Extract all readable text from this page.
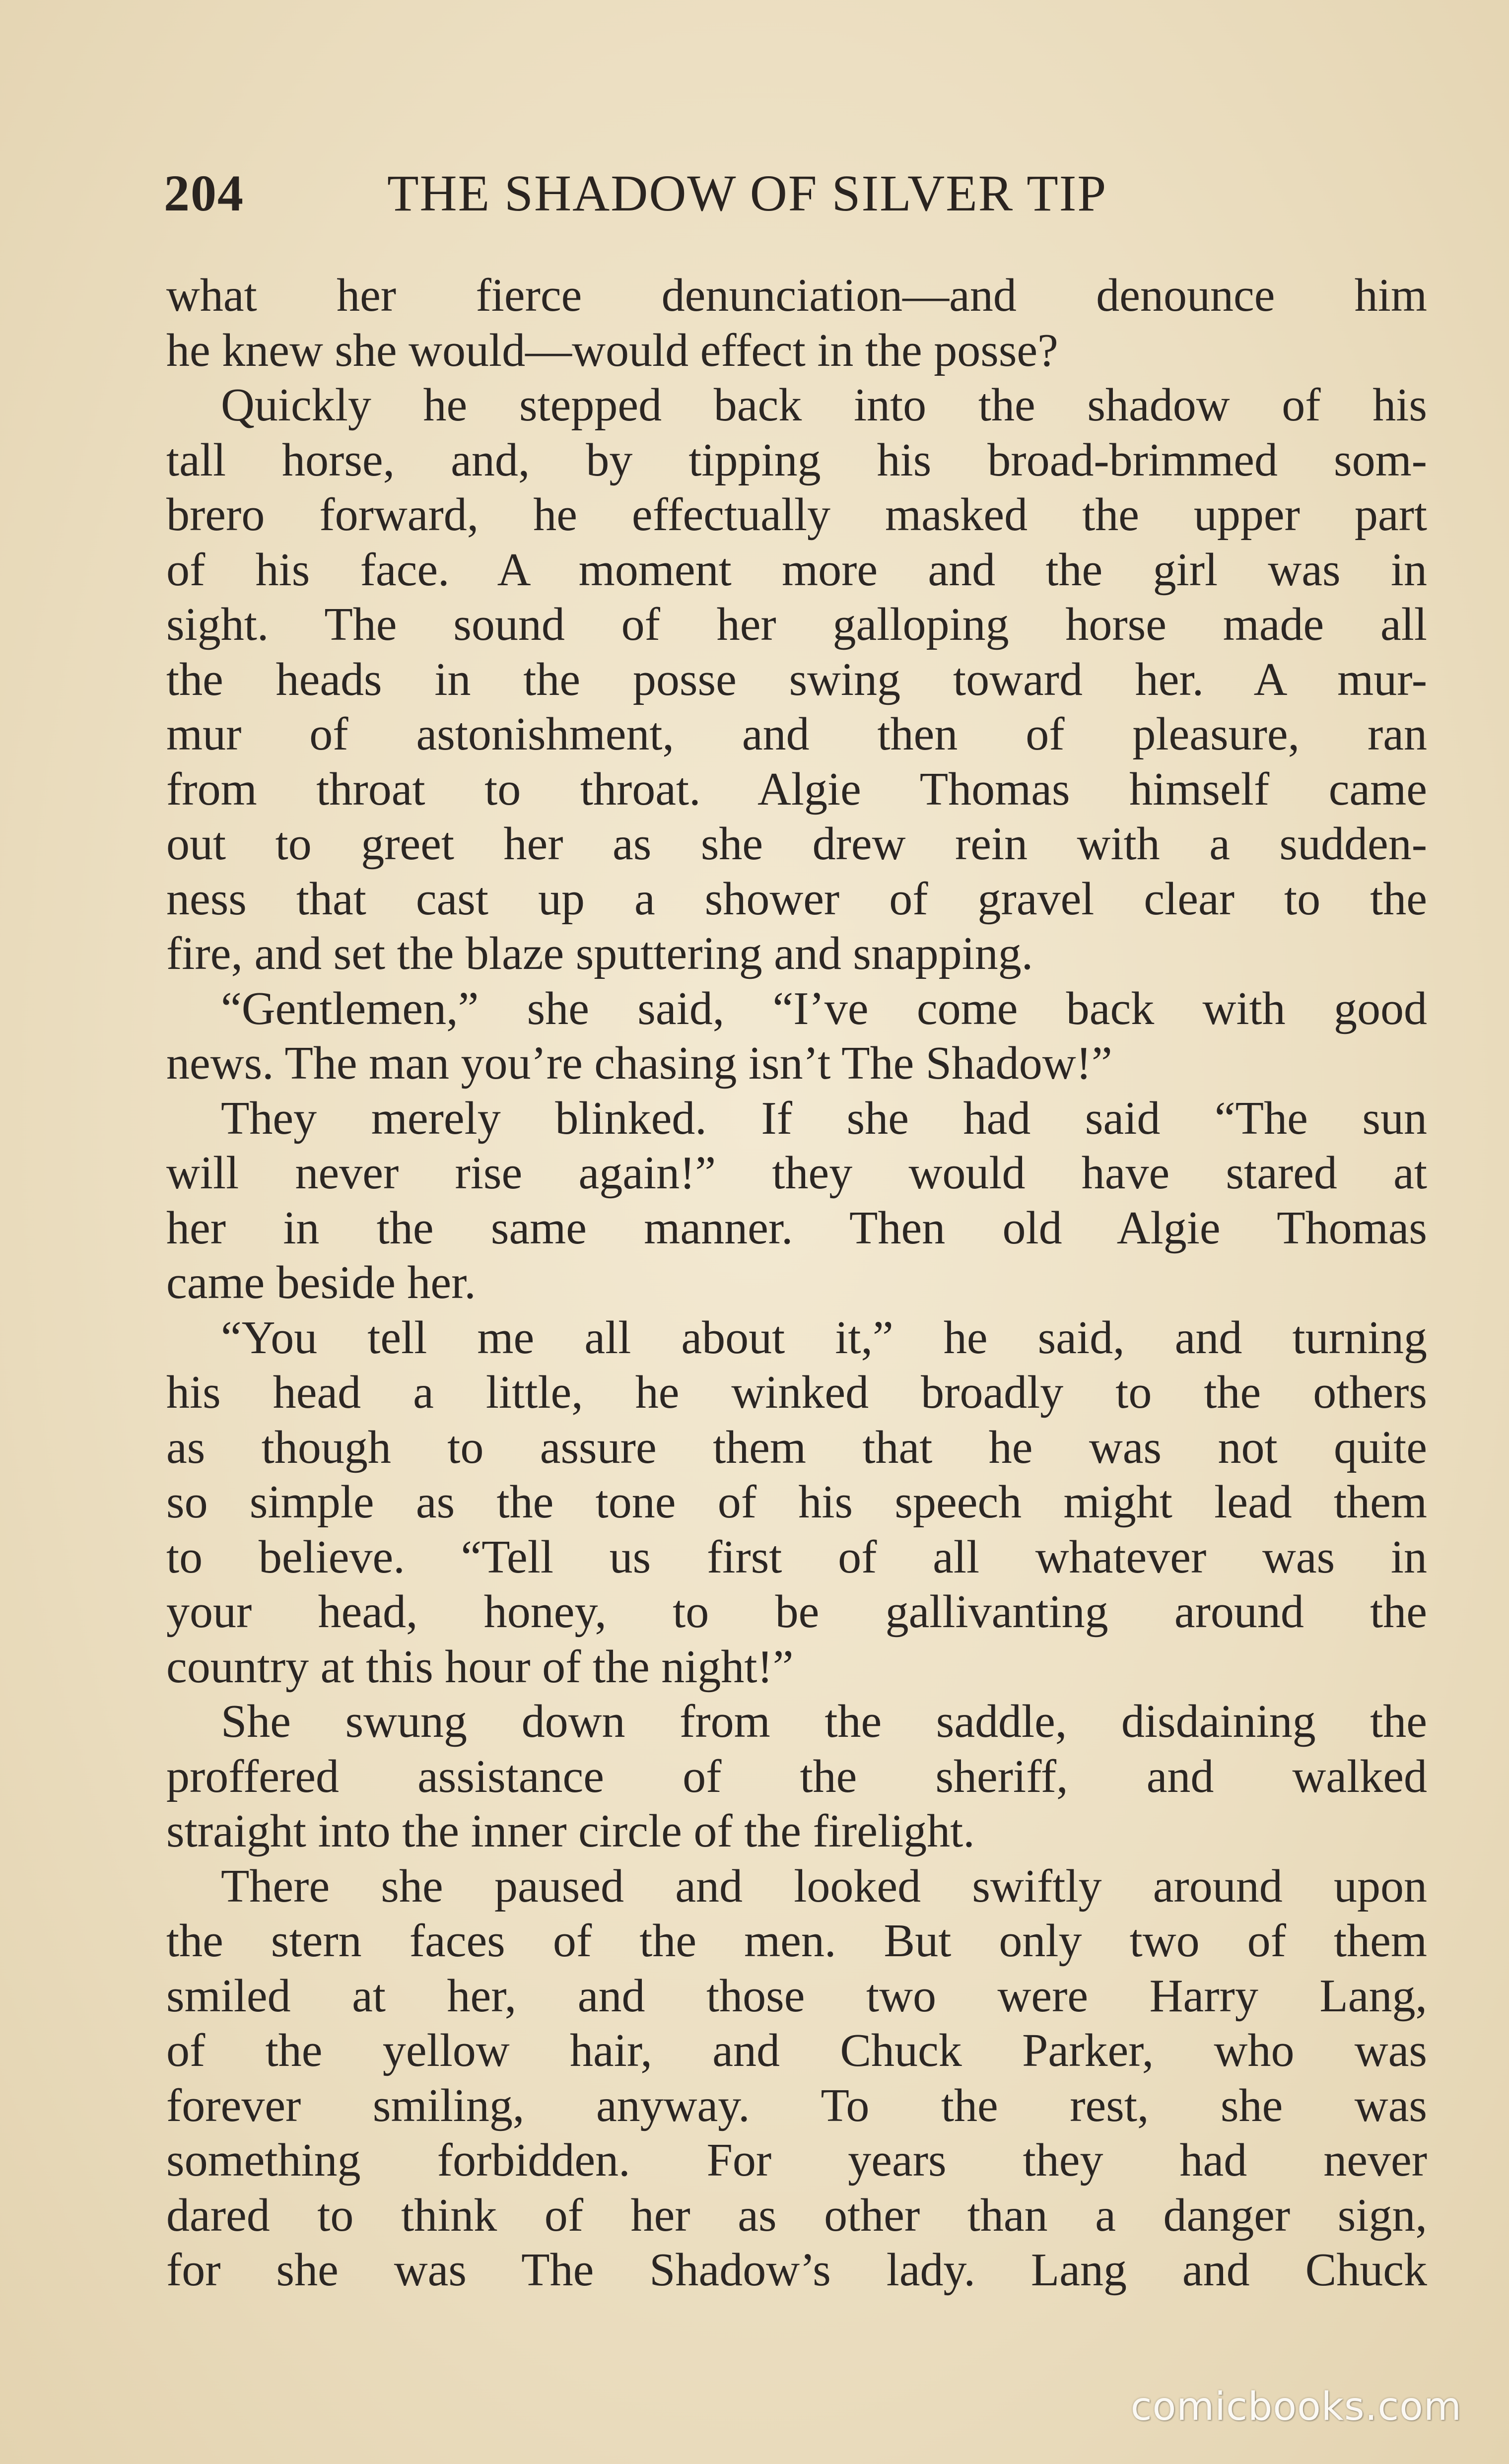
204	THE SHADOW OF SILVER TIP
what her fierce denunciation—and denounce him
he knew she would—would effect in the posse?
Quickly he stepped back into the shadow of his
tall horse, and, by tipping his broad-brimmed som-
brero forward, he effectually masked the upper part
of his face. A moment more and the girl was in
sight. The sound of her galloping horse made all
the heads in the posse swing toward her. A mur-
mur of astonishment, and then of pleasure, ran
from throat to throat. Algie Thomas himself came
out to greet her as she drew rein with a sudden-
ness that cast up a shower of gravel clear to the
fire, and set the blaze sputtering and snapping.
“Gentlemen,” she said, “I’ve come back with good
news. The man you’re chasing isn’t The Shadow!”
They merely blinked. If she had said “The sun
will never rise again!” they would have stared at
her in the same manner. Then old Algie Thomas
came beside her.
“You tell me all about it,” he said, and turning
his head a little, he winked broadly to the others
as though to assure them that he was not quite
so simple as the tone of his speech might lead them
to believe. “Tell us first of all whatever was in
your head, honey, to be gallivanting around the
country at this hour of the night!”
She swung down from the saddle, disdaining the
proffered assistance of the sheriff, and walked
straight into the inner circle of the firelight.
There she paused and looked swiftly around upon
the stern faces of the men. But only two of them
smiled at her, and those two were Harry Lang,
of the yellow hair, and Chuck Parker, who was
forever smiling, anyway. To the rest, she was
something forbidden. For years they had never
dared to think of her as other than a danger sign,
for she was The Shadow’s lady. Lang and Chuck
comicbooks.com
